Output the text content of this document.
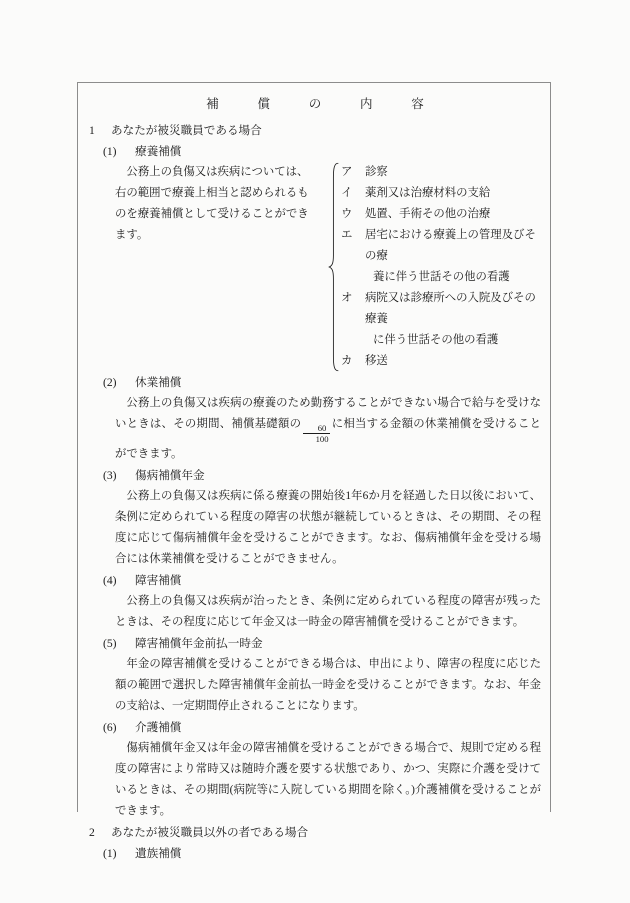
補　償　の　内　容
1 あなたが被災職員である場合
(1) 療養補償

公務上の負傷又は疾病については、

右の範囲で療養上相当と認められるも

のを療養補償として受けることができ

ます。

ア	診察
イ	薬剤又は治療材料の支給
ウ	処置、手術その他の治療
エ	居宅における療養上の管理及びその療
養に伴う世話その他の看護
オ	病院又は診療所への入院及びその療養
に伴う世話その他の看護
カ	移送
(2) 休業補償
公務上の負傷又は疾病の療養のため勤務することができない場合で給与を受けないときは、その期間、補償基礎額の $\frac{60}{100}$ に相当する金額の休業補償を受けることができます。
(3) 傷病補償年金
公務上の負傷又は疾病に係る療養の開始後1年6か月を経過した日以後において、条例に定められている程度の障害の状態が継続しているときは、その期間、その程度に応じて傷病補償年金を受けることができます。なお、傷病補償年金を受ける場合には休業補償を受けることができません。
(4) 障害補償
公務上の負傷又は疾病が治ったとき、条例に定められている程度の障害が残ったときは、その程度に応じて年金又は一時金の障害補償を受けることができます。
(5) 障害補償年金前払一時金
年金の障害補償を受けることができる場合は、申出により、障害の程度に応じた額の範囲で選択した障害補償年金前払一時金を受けることができます。なお、年金の支給は、一定期間停止されることになります。
(6) 介護補償
傷病補償年金又は年金の障害補償を受けることができる場合で、規則で定める程度の障害により常時又は随時介護を要する状態であり、かつ、実際に介護を受けているときは、その期間(病院等に入院している期間を除く。)介護補償を受けることができます。
2 あなたが被災職員以外の者である場合
(1) 遺族補償
